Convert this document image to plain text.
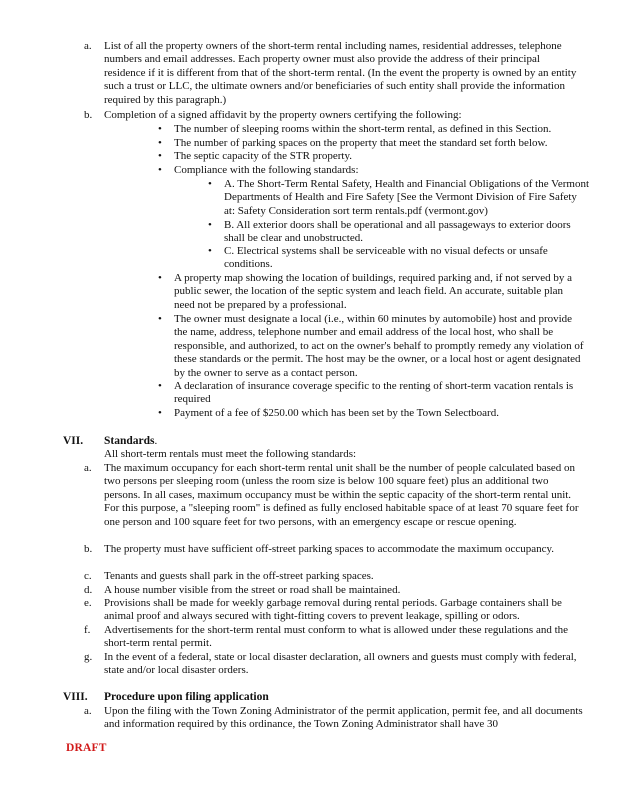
a.	List of all the property owners of the short-term rental including names, residential addresses, telephone numbers and email addresses. Each property owner must also provide the address of their principal residence if it is different from that of the short-term rental. (In the event the property is owned by an entity such a trust or LLC, the ultimate owners and/or beneficiaries of such entity shall provide the information required by this paragraph.)
b.	Completion of a signed affidavit by the property owners certifying the following:
•	The number of sleeping rooms within the short-term rental, as defined in this Section.
•	The number of parking spaces on the property that meet the standard set forth below.
•	The septic capacity of the STR property.
•	Compliance with the following standards:
•	A. The Short-Term Rental Safety, Health and Financial Obligations of the Vermont Departments of Health and Fire Safety [See the Vermont Division of Fire Safety at: Safety Consideration sort term rentals.pdf (vermont.gov)
•	B. All exterior doors shall be operational and all passageways to exterior doors shall be clear and unobstructed.
•	C. Electrical systems shall be serviceable with no visual defects or unsafe conditions.
•	A property map showing the location of buildings, required parking and, if not served by a public sewer, the location of the septic system and leach field. An accurate, suitable plan need not be prepared by a professional.
•	The owner must designate a local (i.e., within 60 minutes by automobile) host and provide the name, address, telephone number and email address of the local host, who shall be responsible, and authorized, to act on the owner's behalf to promptly remedy any violation of these standards or the permit. The host may be the owner, or a local host or agent designated by the owner to serve as a contact person.
•	A declaration of insurance coverage specific to the renting of short-term vacation rentals is required
•	Payment of a fee of $250.00 which has been set by the Town Selectboard.
VII.	Standards .
All short-term rentals must meet the following standards:
a.	The maximum occupancy for each short-term rental unit shall be the number of people calculated based on two persons per sleeping room (unless the room size is below 100 square feet) plus an additional two persons. In all cases, maximum occupancy must be within the septic capacity of the short-term rental unit. For this purpose, a "sleeping room" is defined as fully enclosed habitable space of at least 70 square feet for one person and 100 square feet for two persons, with an emergency escape or rescue opening.
b.	The property must have sufficient off-street parking spaces to accommodate the maximum occupancy.
c.	Tenants and guests shall park in the off-street parking spaces.
d.	A house number visible from the street or road shall be maintained.
e.	Provisions shall be made for weekly garbage removal during rental periods. Garbage containers shall be animal proof and always secured with tight-fitting covers to prevent leakage, spilling or odors.
f.	Advertisements for the short-term rental must conform to what is allowed under these regulations and the short-term rental permit.
g.	In the event of a federal, state or local disaster declaration, all owners and guests must comply with federal, state and/or local disaster orders.
VIII.	Procedure upon filing application
a.	Upon the filing with the Town Zoning Administrator of the permit application, permit fee, and all documents and information required by this ordinance, the Town Zoning Administrator shall have 30
DRAFT
